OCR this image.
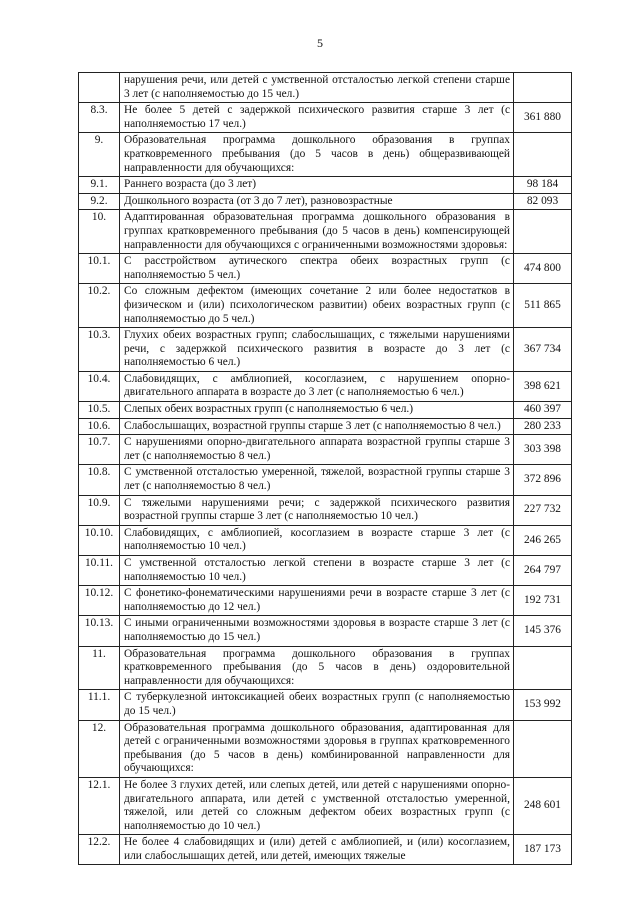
5
	нарушения речи, или детей с умственной отсталостью легкой степени старше 3 лет (с наполняемостью до 15 чел.)	
8.3.	Не более 5 детей с задержкой психического развития старше 3 лет (с наполняемостью 17 чел.)	361 880
9.	Образовательная программа дошкольного образования в группах кратковременного пребывания (до 5 часов в день) общеразвивающей направленности для обучающихся:	
9.1.	Раннего возраста (до 3 лет)	98 184
9.2.	Дошкольного возраста (от 3 до 7 лет), разновозрастные	82 093
10.	Адаптированная образовательная программа дошкольного образования в группах кратковременного пребывания (до 5 часов в день) компенсирующей направленности для обучающихся с ограниченными возможностями здоровья:	
10.1.	С расстройством аутического спектра обеих возрастных групп (с наполняемостью 5 чел.)	474 800
10.2.	Со сложным дефектом (имеющих сочетание 2 или более недостатков в физическом и (или) психологическом развитии) обеих возрастных групп (с наполняемостью до 5 чел.)	511 865
10.3.	Глухих обеих возрастных групп; слабослышащих, с тяжелыми нарушениями речи, с задержкой психического развития в возрасте до 3 лет (с наполняемостью 6 чел.)	367 734
10.4.	Слабовидящих, с амблиопией, косоглазием, с нарушением опорно-двигательного аппарата в возрасте до 3 лет (с наполняемостью 6 чел.)	398 621
10.5.	Слепых обеих возрастных групп (с наполняемостью 6 чел.)	460 397
10.6.	Слабослышащих, возрастной группы старше 3 лет (с наполняемостью 8 чел.)	280 233
10.7.	С нарушениями опорно-двигательного аппарата возрастной группы старше 3 лет (с наполняемостью 8 чел.)	303 398
10.8.	С умственной отсталостью умеренной, тяжелой, возрастной группы старше 3 лет (с наполняемостью 8 чел.)	372 896
10.9.	С тяжелыми нарушениями речи; с задержкой психического развития возрастной группы старше 3 лет (с наполняемостью 10 чел.)	227 732
10.10.	Слабовидящих, с амблиопией, косоглазием в возрасте старше 3 лет (с наполняемостью 10 чел.)	246 265
10.11.	С умственной отсталостью легкой степени в возрасте старше 3 лет (с наполняемостью 10 чел.)	264 797
10.12.	С фонетико-фонематическими нарушениями речи в возрасте старше 3 лет (с наполняемостью до 12 чел.)	192 731
10.13.	С иными ограниченными возможностями здоровья в возрасте старше 3 лет (с наполняемостью до 15 чел.)	145 376
11.	Образовательная программа дошкольного образования в группах кратковременного пребывания (до 5 часов в день) оздоровительной направленности для обучающихся:	
11.1.	С туберкулезной интоксикацией обеих возрастных групп (с наполняемостью до 15 чел.)	153 992
12.	Образовательная программа дошкольного образования, адаптированная для детей с ограниченными возможностями здоровья в группах кратковременного пребывания (до 5 часов в день) комбинированной направленности для обучающихся:	
12.1.	Не более 3 глухих детей, или слепых детей, или детей с нарушениями опорно-двигательного аппарата, или детей с умственной отсталостью умеренной, тяжелой, или детей со сложным дефектом обеих возрастных групп (с наполняемостью до 10 чел.)	248 601
12.2.	Не более 4 слабовидящих и (или) детей с амблиопией, и (или) косоглазием, или слабослышащих детей, или детей, имеющих тяжелые	187 173
